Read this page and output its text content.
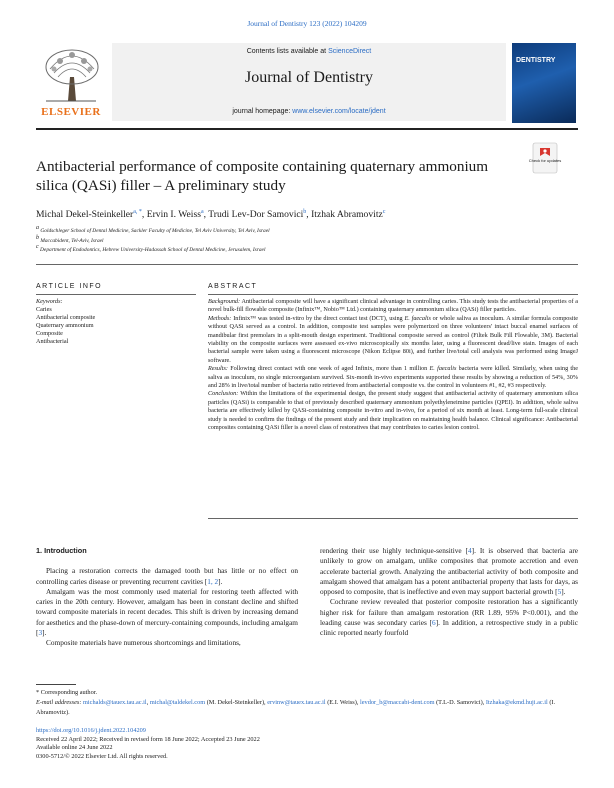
Journal of Dentistry 123 (2022) 104209
ELSEVIER
Contents lists available at ScienceDirect
Journal of Dentistry
journal homepage: www.elsevier.com/locate/jdent
DENTISTRY
Antibacterial performance of composite containing quaternary ammonium silica (QASi) filler – A preliminary study
Check for updates
Michal Dekel-Steinkeller$^{a, *}$, Ervin I. Weiss$^a$, Trudi Lev-Dor Samovici$^b$, Itzhak Abramovitz$^c$
$^a$ Goldschleger School of Dental Medicine, Sackler Faculty of Medicine, Tel Aviv University, Tel Aviv, Israel
$^b$ Maccabident, Tel-Aviv, Israel
$^c$ Department of Endodontics, Hebrew University-Hadassah School of Dental Medicine, Jerusalem, Israel
ARTICLE INFO	ABSTRACT
Keywords:
Caries
Antibacterial composite
Quaternary ammonium
Composite
Antibacterial
Background: Antibacterial composite will have a significant clinical advantage in controlling caries. This study tests the antibacterial properties of a novel bulk-fill flowable composite (Infinix™, Nobio™ Ltd.) containing quaternary ammonium silica (QASi) filler particles.
Methods: Infinix™ was tested in-vitro by the direct contact test (DCT), using E. faecalis or whole saliva as inoculum. A similar formula composite without QASi served as a control. In addition, composite test samples were polymerized on three volunteers' intact buccal enamel surfaces of mandibular first premolars in a split-mouth design experiment. Traditional composite served as control (Filtek Bulk Fill Flowable, 3M). Bacterial viability on the composite surfaces were assessed ex-vivo microscopically six months later, using a fluorescent dead/live stain. Images of each bacterial sample were taken using a fluorescent microscope (Nikon Eclipse 80i), and further live/total cell analysis was performed using ImageJ software.
Results: Following direct contact with one week of aged Infinix, more than 1 million E. faecalis bacteria were killed. Similarly, when using the saliva as inoculum, no single microorganism survived. Six-month in-vivo experiments supported these results by showing a reduction of 54%, 30% and 28% in live/total number of bacteria ratio retrieved from antibacterial composite vs. the control in volunteers #1, #2, #3 respectively.
Conclusion: Within the limitations of the experimental design, the present study suggest that antibacterial activity of quaternary ammonium silica particles (QASi) is comparable to that of previously described quaternary ammonium polyethyleneimine particles (QPEI). In addition, whole saliva bacteria are effectively killed by QASi-containing composite in-vitro and in-vivo, for a period of six month at least. Long-term full-scale clinical study is needed to confirm the findings of the present study and their implication on maintaining health balance. Clinical significance: Antibacterial composites containing QASi filler is a novel class of restoratives that may contributes to caries lesion control.
1. Introduction

Placing a restoration corrects the damaged tooth but has little or no effect on controlling caries disease or preventing recurrent cavities [1, 2].

Amalgam was the most commonly used material for restoring teeth affected with caries in the 20th century. However, amalgam has been in constant decline and shifted toward composite materials in recent decades. This shift is driven by increasing demand for aesthetics and the phase-down of mercury-containing compounds, including amalgam [3].

Composite materials have numerous shortcomings and limitations,

rendering their use highly technique-sensitive [4]. It is observed that bacteria are unlikely to grow on amalgam, unlike composites that promote accretion and even accelerate bacterial growth. Analyzing the antibacterial activity of both composite and amalgam showed that amalgam has a potent antibacterial property that lasts for days, as opposed to composite, that is ineffective and even may support bacterial growth [5].

Cochrane review revealed that posterior composite restoration has a significantly higher risk for failure than amalgam restoration (RR 1.89, 95% P<0.001), and the leading cause was secondary caries [6]. In addition, a retrospective study in a public clinic reported nearly fourfold

* Corresponding author.
E-mail addresses: michalds@tauex.tau.ac.il, michal@taldekel.com (M. Dekel-Steinkeller), ervinw@tauex.tau.ac.il (E.I. Weiss), levdor_b@maccabi-dent.com (T.L-D. Samovici), Itzhaka@ekmd.huji.ac.il (I. Abramovitz).
https://doi.org/10.1016/j.jdent.2022.104209
Received 22 April 2022; Received in revised form 18 June 2022; Accepted 23 June 2022
Available online 24 June 2022
0300-5712/© 2022 Elsevier Ltd. All rights reserved.
